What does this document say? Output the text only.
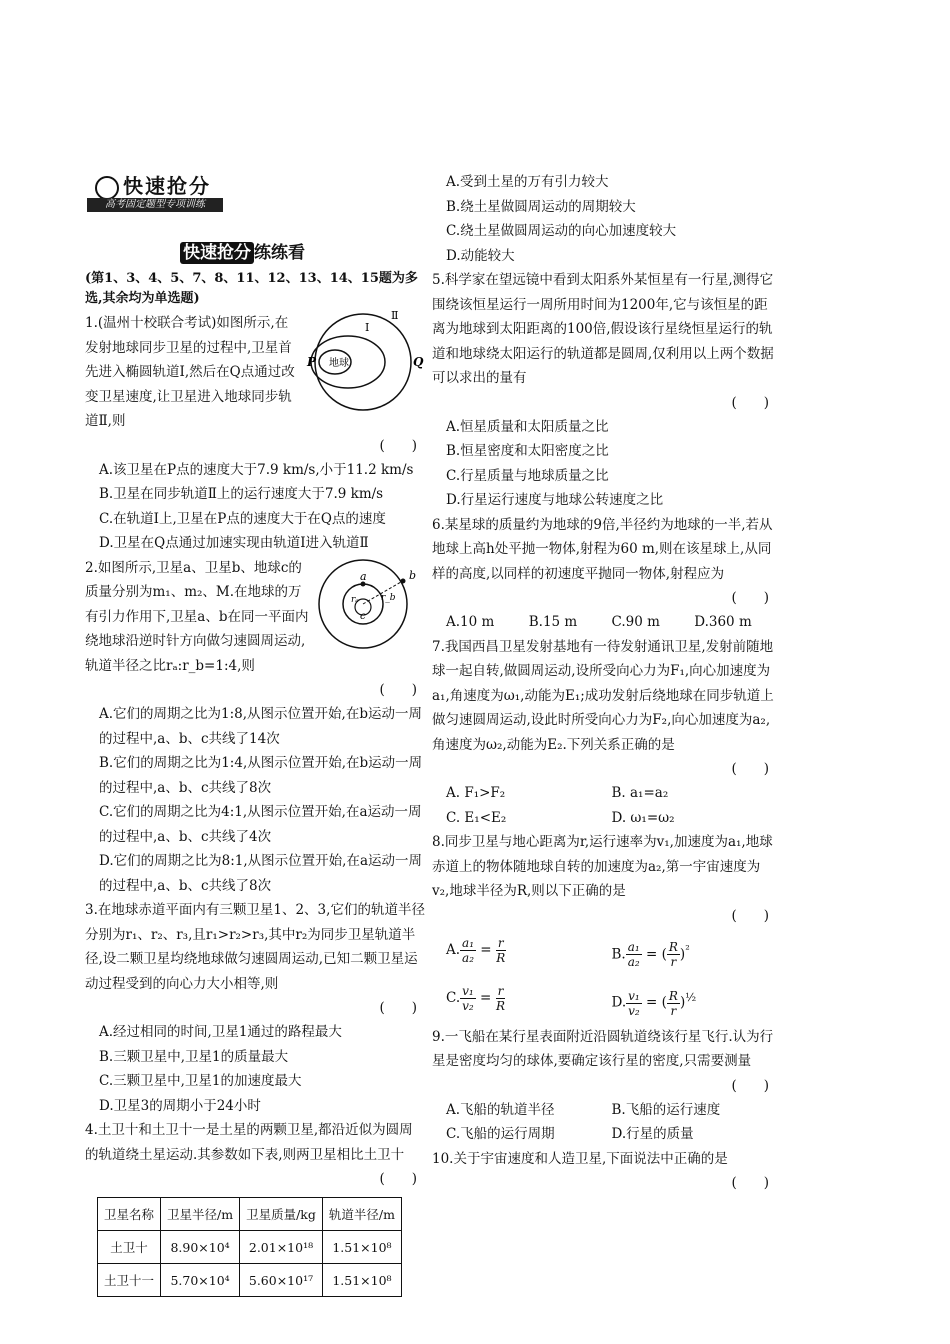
快速抢分
高考固定题型专项训练
快速抢分 练练看
(第1、3、4、5、7、8、11、12、13、14、15题为多选,其余均为单选题)
地球
P	Q
Ⅰ
Ⅱ
1.(温州十校联合考试)如图所示,在发射地球同步卫星的过程中,卫星首先进入椭圆轨道Ⅰ,然后在Q点通过改变卫星速度,让卫星进入地球同步轨道Ⅱ,则
(　　)
A.该卫星在P点的速度大于7.9 km/s,小于11.2 km/s
B.卫星在同步轨道Ⅱ上的运行速度大于7.9 km/s
C.在轨道Ⅰ上,卫星在P点的速度大于在Q点的速度
D.卫星在Q点通过加速实现由轨道Ⅰ进入轨道Ⅱ
a	b
c
rₐ r_b
2.如图所示,卫星a、卫星b、地球c的质量分别为m₁、m₂、M.在地球的万有引力作用下,卫星a、b在同一平面内绕地球沿逆时针方向做匀速圆周运动,轨道半径之比rₐ:r_b=1:4,则
(　　)
A.它们的周期之比为1:8,从图示位置开始,在b运动一周的过程中,a、b、c共线了14次
B.它们的周期之比为1:4,从图示位置开始,在b运动一周的过程中,a、b、c共线了8次
C.它们的周期之比为4:1,从图示位置开始,在a运动一周的过程中,a、b、c共线了4次
D.它们的周期之比为8:1,从图示位置开始,在a运动一周的过程中,a、b、c共线了8次
3.在地球赤道平面内有三颗卫星1、2、3,它们的轨道半径分别为r₁、r₂、r₃,且r₁>r₂>r₃,其中r₂为同步卫星轨道半径,设二颗卫星均绕地球做匀速圆周运动,已知二颗卫星运动过程受到的向心力大小相等,则
(　　)
A.经过相同的时间,卫星1通过的路程最大
B.三颗卫星中,卫星1的质量最大
C.三颗卫星中,卫星1的加速度最大
D.卫星3的周期小于24小时
4.土卫十和土卫十一是土星的两颗卫星,都沿近似为圆周的轨道绕土星运动.其参数如下表,则两卫星相比土卫十
(　　)
卫星名称	卫星半径/m	卫星质量/kg	轨道半径/m
土卫十	8.90×10⁴	2.01×10¹⁸	1.51×10⁸
土卫十一	5.70×10⁴	5.60×10¹⁷	1.51×10⁸
A.受到土星的万有引力较大
B.绕土星做圆周运动的周期较大
C.绕土星做圆周运动的向心加速度较大
D.动能较大
5.科学家在望远镜中看到太阳系外某恒星有一行星,测得它围绕该恒星运行一周所用时间为1200年,它与该恒星的距离为地球到太阳距离的100倍,假设该行星绕恒星运行的轨道和地球绕太阳运行的轨道都是圆周,仅利用以上两个数据可以求出的量有
(　　)
A.恒星质量和太阳质量之比
B.恒星密度和太阳密度之比
C.行星质量与地球质量之比
D.行星运行速度与地球公转速度之比
6.某星球的质量约为地球的9倍,半径约为地球的一半,若从地球上高h处平抛一物体,射程为60 m,则在该星球上,从同样的高度,以同样的初速度平抛同一物体,射程应为
(　　)
A.10 m	B.15 m	C.90 m	D.360 m
7.我国西昌卫星发射基地有一待发射通讯卫星,发射前随地球一起自转,做圆周运动,设所受向心力为F₁,向心加速度为a₁,角速度为ω₁,动能为E₁;成功发射后绕地球在同步轨道上做匀速圆周运动,设此时所受向心力为F₂,向心加速度为a₂,角速度为ω₂,动能为E₂.下列关系正确的是
(　　)
A. F₁>F₂	B. a₁=a₂
C. E₁<E₂	D. ω₁=ω₂
8.同步卫星与地心距离为r,运行速率为v₁,加速度为a₁,地球赤道上的物体随地球自转的加速度为a₂,第一宇宙速度为v₂,地球半径为R,则以下正确的是
(　　)
A. $\frac{\text{a₁}}{\text{a₂}} = \frac{r}{R}$	B. $\frac{\text{a₁}}{\text{a₂}}$ = ( $\frac{R}{r})^{^2}$
C. $\frac{\text{v₁}}{\text{v₂}} = \frac{r}{R}$	D. $\frac{\text{v₁}}{\text{v₂}}$ = ( $\frac{R}{r})^{\frac{1}{2}}$
9.一飞船在某行星表面附近沿圆轨道绕该行星飞行.认为行星是密度均匀的球体,要确定该行星的密度,只需要测量
(　　)
A.飞船的轨道半径	B.飞船的运行速度
C.飞船的运行周期	D.行星的质量
10.关于宇宙速度和人造卫星,下面说法中正确的是
(　　)
